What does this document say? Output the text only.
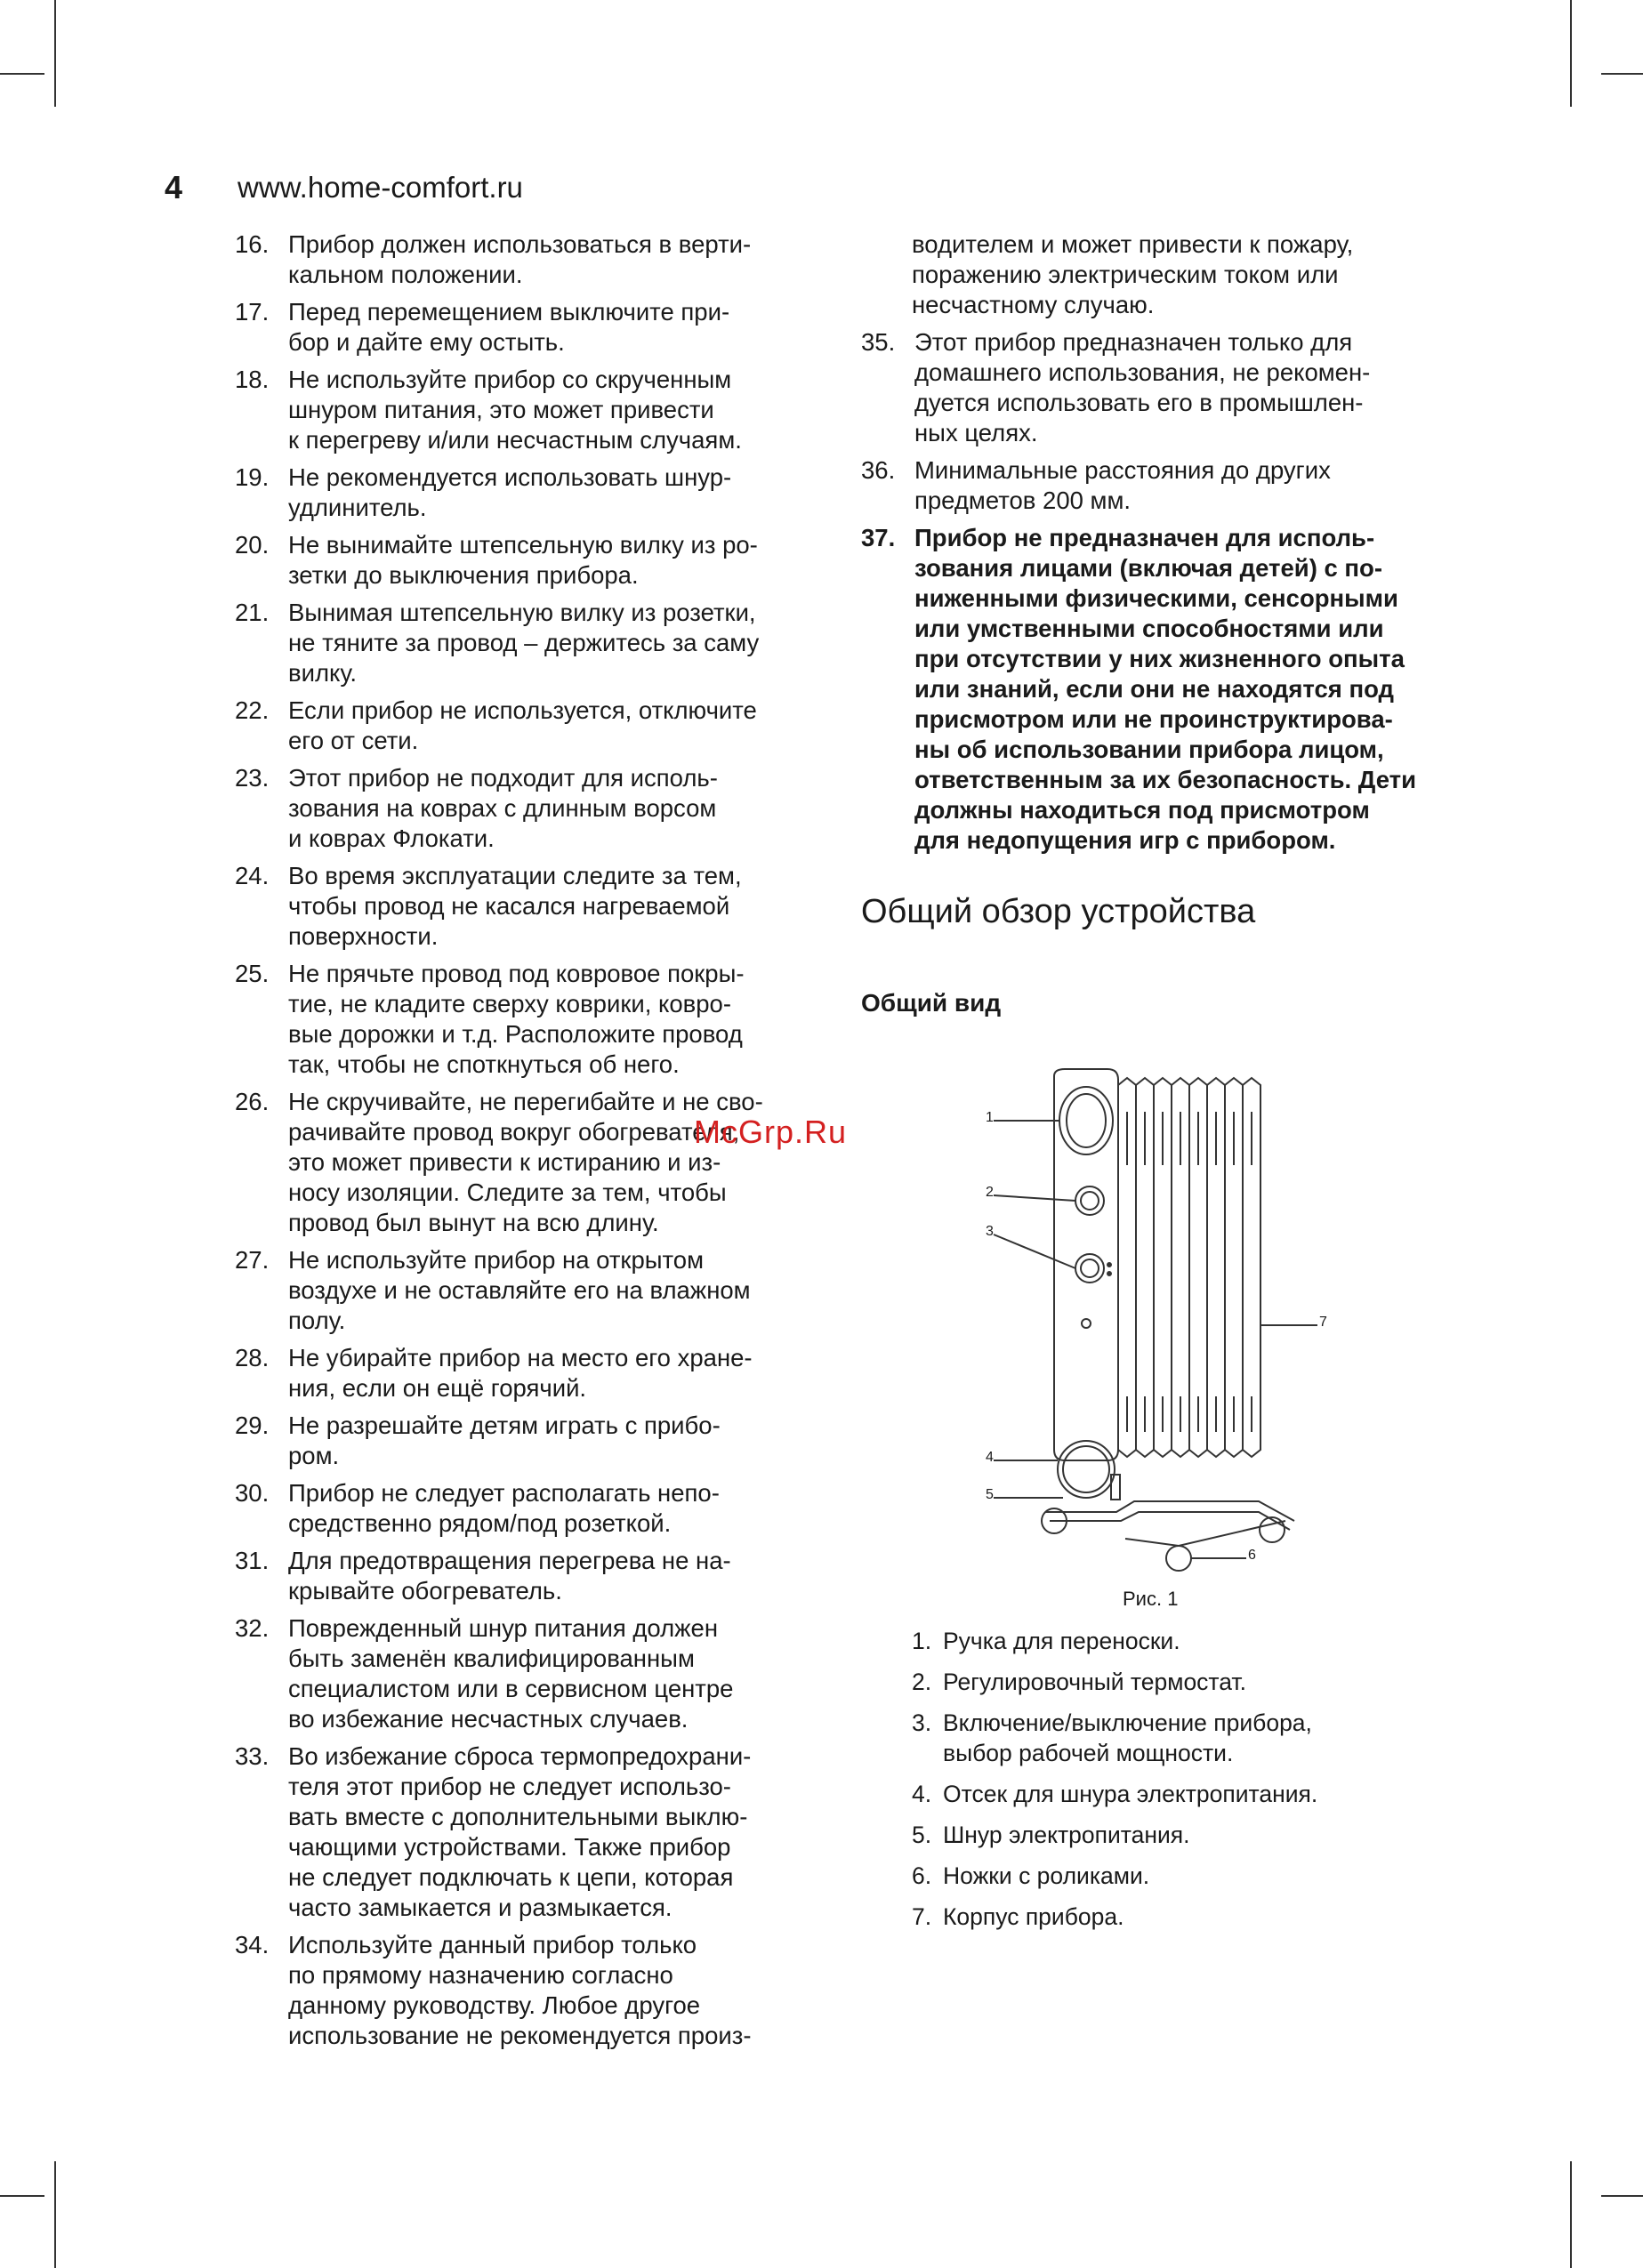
4 www.home-comfort.ru
16. Прибор должен использоваться в верти-
кальном положении.
17. Перед перемещением выключите при-
бор и дайте ему остыть.
18. Не используйте прибор со скрученным
шнуром питания, это может привести
к перегреву и/или несчастным случаям.
19. Не рекомендуется использовать шнур-
удлинитель.
20. Не вынимайте штепсельную вилку из ро-
зетки до выключения прибора.
21. Вынимая штепсельную вилку из розетки,
не тяните за провод – держитесь за саму
вилку.
22. Если прибор не используется, отключите
его от сети.
23. Этот прибор не подходит для исполь-
зования на коврах с длинным ворсом
и коврах Флокати.
24. Во время эксплуатации следите за тем,
чтобы провод не касался нагреваемой
поверхности.
25. Не прячьте провод под ковровое покры-
тие, не кладите сверху коврики, ковро-
вые дорожки и т.д. Расположите провод
так, чтобы не споткнуться об него.
26. Не скручивайте, не перегибайте и не сво-
рачивайте провод вокруг обогревателя,
это может привести к истиранию и из-
носу изоляции. Следите за тем, чтобы
провод был вынут на всю длину.
27. Не используйте прибор на открытом
воздухе и не оставляйте его на влажном
полу.
28. Не убирайте прибор на место его хране-
ния, если он ещё горячий.
29. Не разрешайте детям играть с прибо-
ром.
30. Прибор не следует располагать непо-
средственно рядом/под розеткой.
31. Для предотвращения перегрева не на-
крывайте обогреватель.
32. Поврежденный шнур питания должен
быть заменён квалифицированным
специалистом или в сервисном центре
во избежание несчастных случаев.
33. Во избежание сброса термопредохрани-
теля этот прибор не следует использо-
вать вместе с дополнительными выклю-
чающими устройствами. Также прибор
не следует подключать к цепи, которая
часто замыкается и размыкается.
34. Используйте данный прибор только
по прямому назначению согласно
данному руководству. Любое другое
использование не рекомендуется произ-
водителем и может привести к пожару,
поражению электрическим током или
несчастному случаю.
35. Этот прибор предназначен только для
домашнего использования, не рекомен-
дуется использовать его в промышлен-
ных целях.
36. Минимальные расстояния до других
предметов 200 мм.
37. Прибор не предназначен для исполь-
зования лицами (включая детей) с по-
ниженными физическими, сенсорными
или умственными способностями или
при отсутствии у них жизненного опыта
или знаний, если они не находятся под
присмотром или не проинструктирова-
ны об использовании прибора лицом,
ответственным за их безопасность. Дети
должны находиться под присмотром
для недопущения игр с прибором.
Общий обзор устройства
Общий вид
1
2
3
4
5
6
7
Рис. 1
1. Ручка для переноски.
2. Регулировочный термостат.
3. Включение/выключение прибора,
выбор рабочей мощности.
4. Отсек для шнура электропитания.
5. Шнур электропитания.
6. Ножки с роликами.
7. Корпус прибора.
McGrp.Ru
